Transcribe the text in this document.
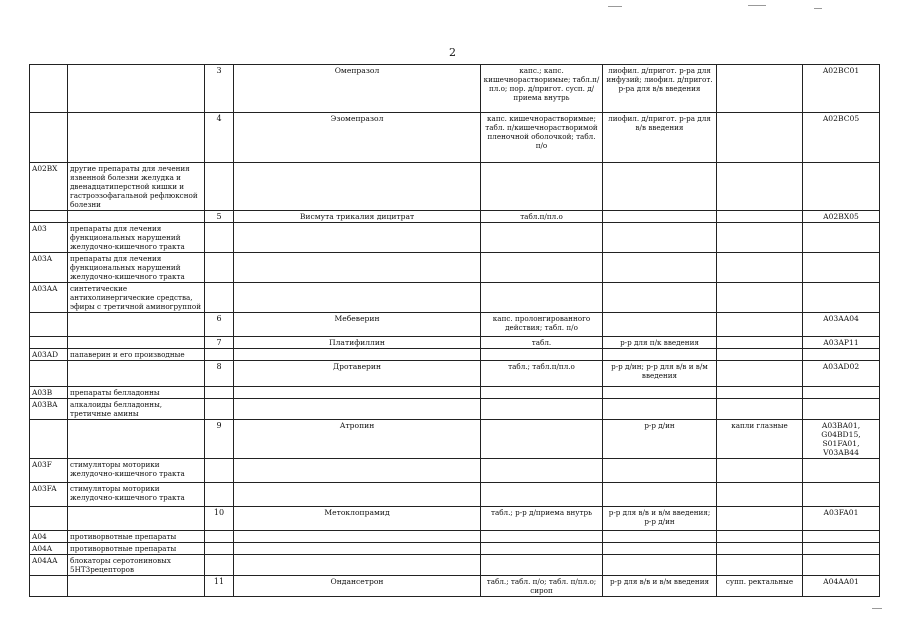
2
		3	Омепразол	капс.; капс. кишечнорастворимые; табл.п/пл.о; пор. д/пригот. сусп. д/приема внутрь	лиофил. д/пригот. р-ра для инфузий; лиофил. д/пригот. р-ра для в/в введения		A02BC01
		4	Эзомепразол	капс. кишечнорастворимые; табл. п/кишечнорастворимой пленочной оболочкой; табл. п/о	лиофил. д/пригот. р-ра для в/в введения		A02BC05
A02BX	другие препараты для лечения язвенной болезни желудка и двенадцатиперстной кишки и гастроэзофагальной рефлюксной болезни						
		5	Висмута трикалия дицитрат	табл.п/пл.о			A02BX05
A03	препараты для лечения функциональных нарушений желудочно-кишечного тракта						
A03A	препараты для лечения функциональных нарушений желудочно-кишечного тракта						
A03AA	синтетические антихолинергические средства, эфиры с третичной аминогруппой						
		6	Мебеверин	капс. пролонгированного действия; табл. п/о			A03AA04
		7	Платифиллин	табл.	р-р для п/к введения		A03AP11
A03AD	папаверин и его производные						
		8	Дротаверин	табл.; табл.п/пл.о	р-р д/ин; р-р для в/в и в/м введения		A03AD02
A03B	препараты белладонны						
A03BA	алкалоиды белладонны, третичные амины						
		9	Атропин		р-р д/ин	капли глазные	A03BA01, G04BD15, S01FA01, V03AB44
A03F	стимуляторы моторики желудочно-кишечного тракта						
A03FA	стимуляторы моторики желудочно-кишечного тракта						
		10	Метоклопрамид	табл.; р-р д/приема внутрь	р-р для в/в и в/м введения; р-р д/ин		A03FA01
A04	противорвотные препараты						
A04A	противорвотные препараты						
A04AA	блокаторы серотониновых 5НТ3рецепторов						
		11	Ондансетрон	табл.; табл. п/о; табл. п/пл.о; сироп	р-р для в/в и в/м введения	супп. ректальные	A04AA01
